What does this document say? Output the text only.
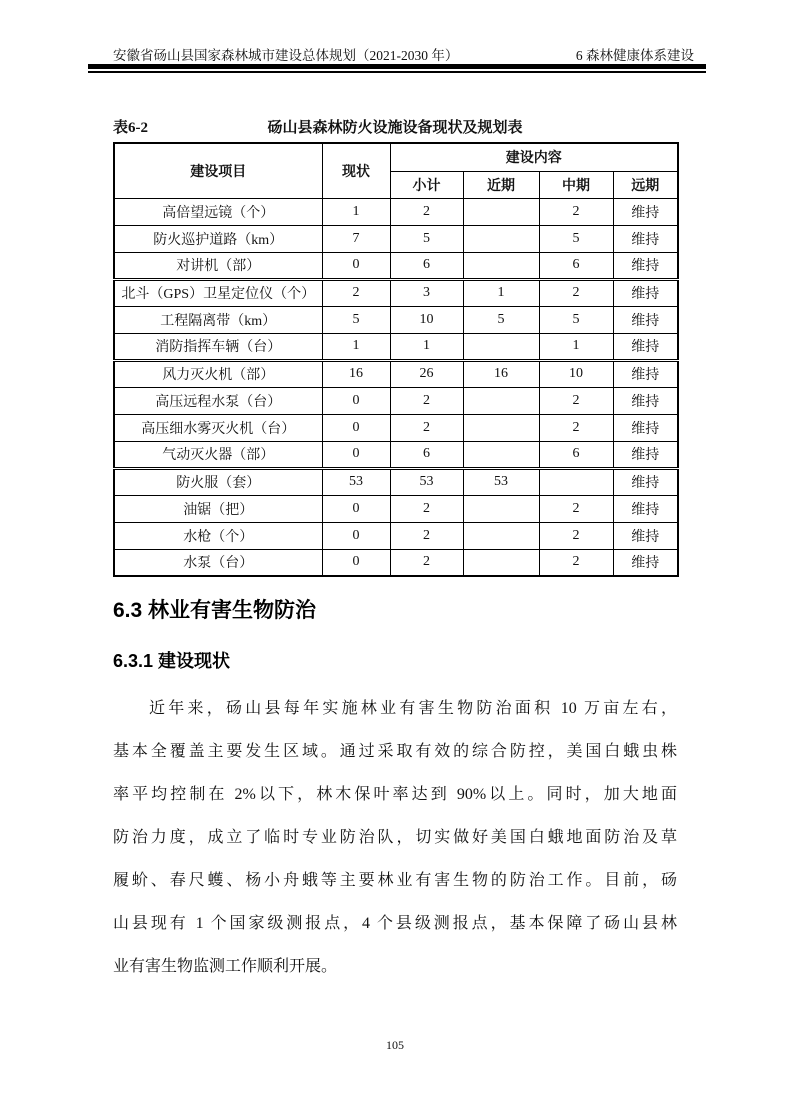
安徽省砀山县国家森林城市建设总体规划（2021-2030 年）	6 森林健康体系建设
表6-2	砀山县森林防火设施设备现状及规划表
建设项目	现状	建设内容			
		小计	近期	中期	远期
高倍望远镜（个）	1	2		2	维持
防火巡护道路（km）	7	5		5	维持
对讲机（部）	0	6		6	维持
北斗（GPS）卫星定位仪（个）	2	3	1	2	维持
工程隔离带（km）	5	10	5	5	维持
消防指挥车辆（台）	1	1		1	维持
风力灭火机（部）	16	26	16	10	维持
高压远程水泵（台）	0	2		2	维持
高压细水雾灭火机（台）	0	2		2	维持
气动灭火器（部）	0	6		6	维持
防火服（套）	53	53	53		维持
油锯（把）	0	2		2	维持
水枪（个）	0	2		2	维持
水泵（台）	0	2		2	维持
6.3 林业有害生物防治
6.3.1 建设现状
近年来，砀山县每年实施林业有害生物防治面积 10 万亩左右，
基本全覆盖主要发生区域。通过采取有效的综合防控，美国白蛾虫株
率平均控制在 2%以下，林木保叶率达到 90%以上。同时，加大地面
防治力度，成立了临时专业防治队，切实做好美国白蛾地面防治及草
履蚧、春尺蠖、杨小舟蛾等主要林业有害生物的防治工作。目前，砀
山县现有 1 个国家级测报点，4 个县级测报点，基本保障了砀山县林
业有害生物监测工作顺利开展。
105
